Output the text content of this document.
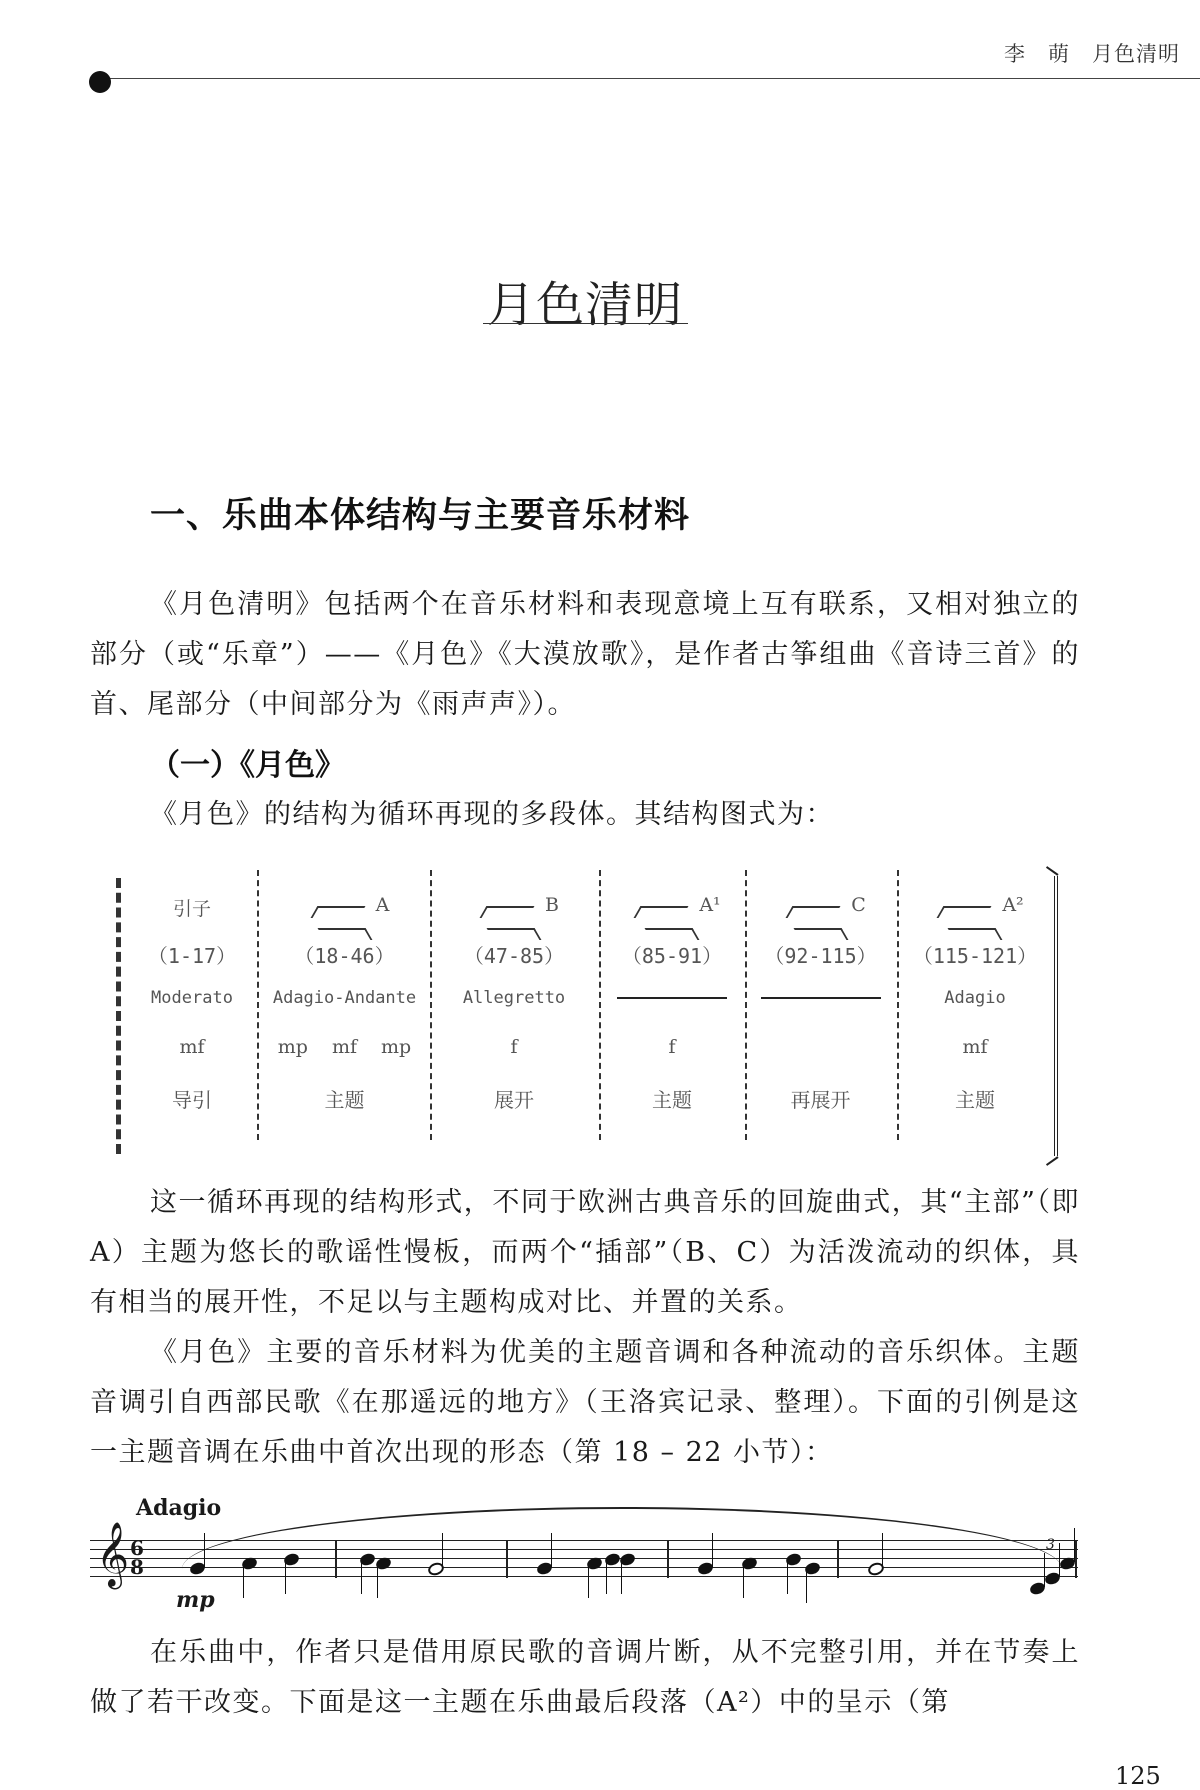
李　萌　月色清明
月色清明
一、乐曲本体结构与主要音乐材料
《月色清明》包括两个在音乐材料和表现意境上互有联系，又相对独立的部分（或“乐章”）——《月色》《大漠放歌》，是作者古筝组曲《音诗三首》的首、尾部分（中间部分为《雨声声》）。
（一）《月色》
《月色》的结构为循环再现的多段体。其结构图式为：
引子
（1-17）
Moderato
mf
导引
A
（18-46）
Adagio-Andante
mp mf mp
主题
B
（47-85）
Allegretto
f
展开
A¹
（85-91）
f
主题
C
（92-115）
再展开
A²
（115-121）
Adagio
mf
主题
这一循环再现的结构形式，不同于欧洲古典音乐的回旋曲式，其“主部”（即 A）主题为悠长的歌谣性慢板，而两个“插部”（B、C）为活泼流动的织体，具有相当的展开性，不足以与主题构成对比、并置的关系。
《月色》主要的音乐材料为优美的主题音调和各种流动的音乐织体。主题音调引自西部民歌《在那遥远的地方》（王洛宾记录、整理）。下面的引例是这一主题音调在乐曲中首次出现的形态（第 18 – 22 小节）：
Adagio
𝄞 6
8
mp
3
在乐曲中，作者只是借用原民歌的音调片断，从不完整引用，并在节奏上做了若干改变。下面是这一主题在乐曲最后段落（A²）中的呈示（第
125
